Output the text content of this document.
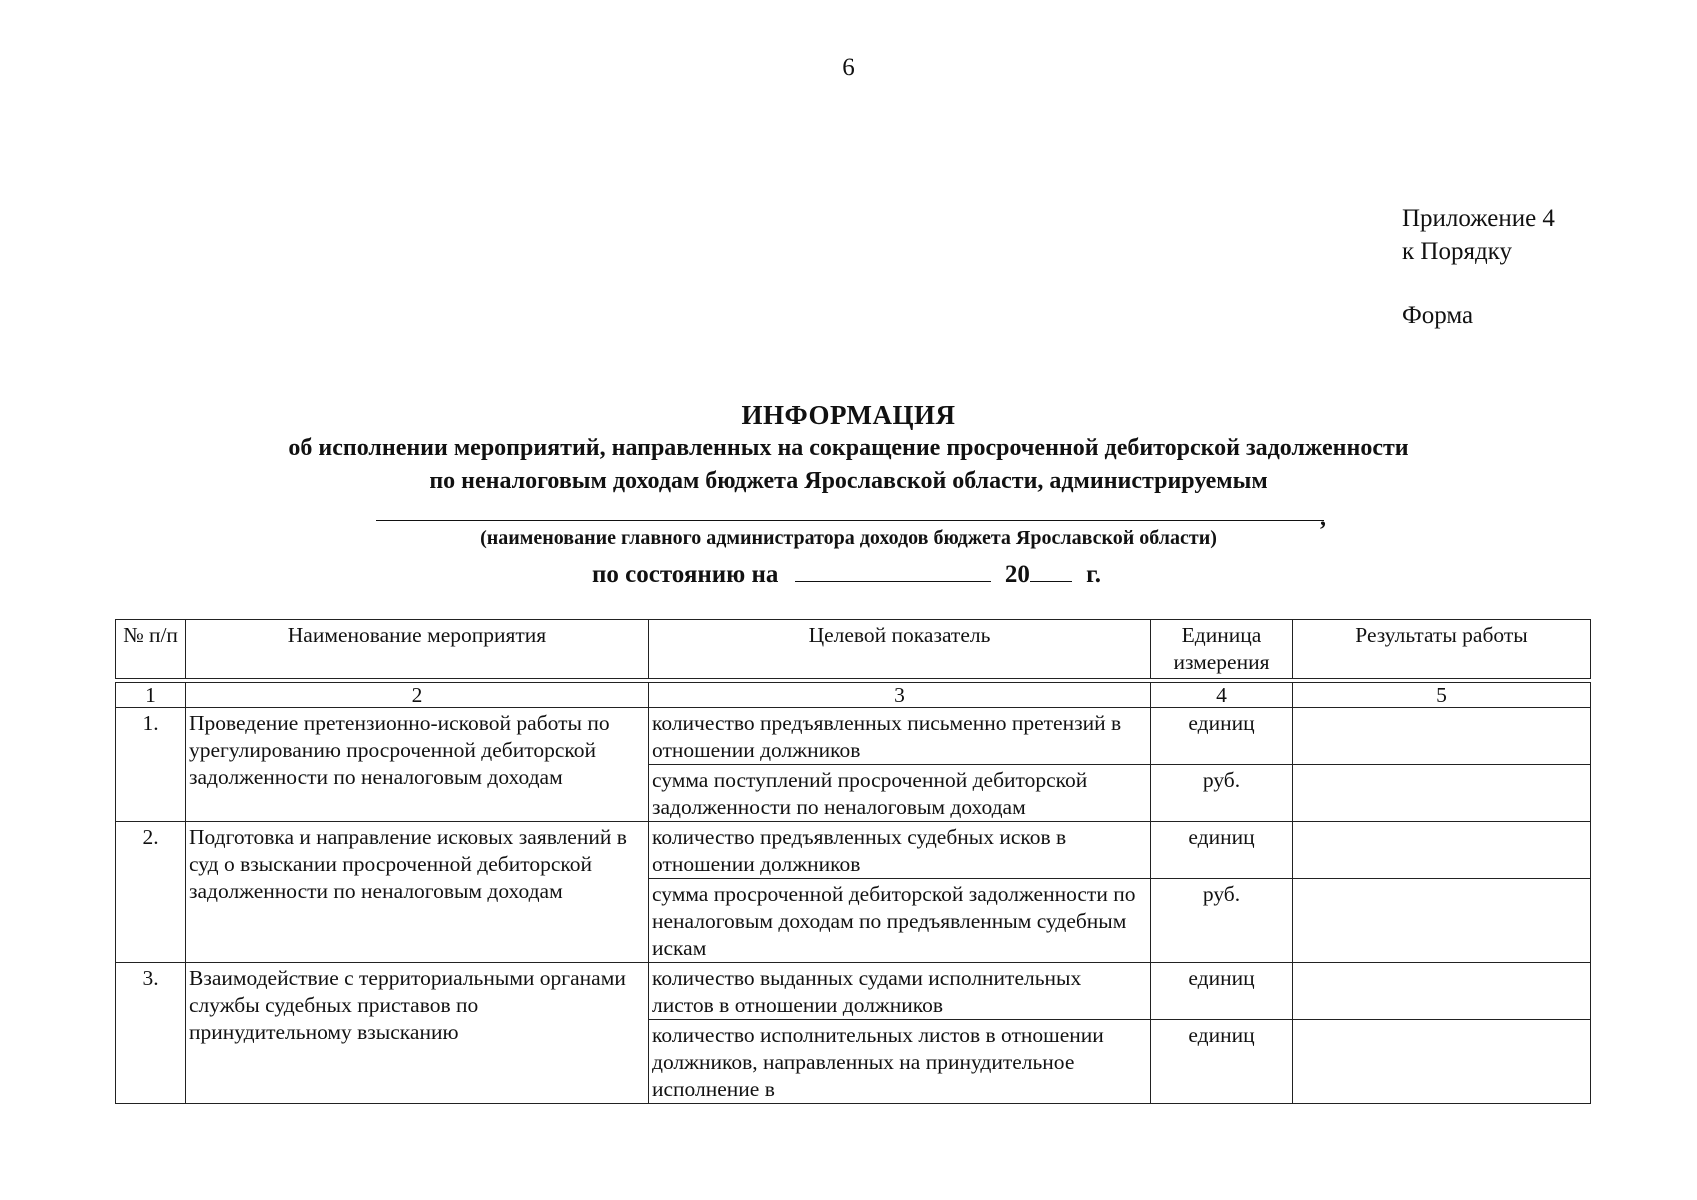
6
Приложение 4
к Порядку
Форма
ИНФОРМАЦИЯ
об исполнении мероприятий, направленных на сокращение просроченной дебиторской задолженности
по неналоговым доходам бюджета Ярославской области, администрируемым
,
(наименование главного администратора доходов бюджета Ярославской области)
по состоянию на	20 г.
№ п/п	Наименование мероприятия	Целевой показатель	Единица измерения	Результаты работы

1	2	3	4	5
1.	Проведение претензионно-исковой работы по урегулированию просроченной дебиторской задолженности по неналоговым доходам	количество предъявленных письменно претензий в отношении должников	единиц	
		сумма поступлений просроченной дебиторской задолженности по неналоговым доходам	руб.	
2.	Подготовка и направление исковых заявлений в суд о взыскании просроченной дебиторской задолженности по неналоговым доходам	количество предъявленных судебных исков в отношении должников	единиц	
		сумма просроченной дебиторской задолженности по неналоговым доходам по предъявленным судебным искам	руб.	
3.	Взаимодействие с территориальными органами службы судебных приставов по принудительному взысканию	количество выданных судами исполнительных листов в отношении должников	единиц	
		количество исполнительных листов в отношении должников, направленных на принудительное исполнение в	единиц	
